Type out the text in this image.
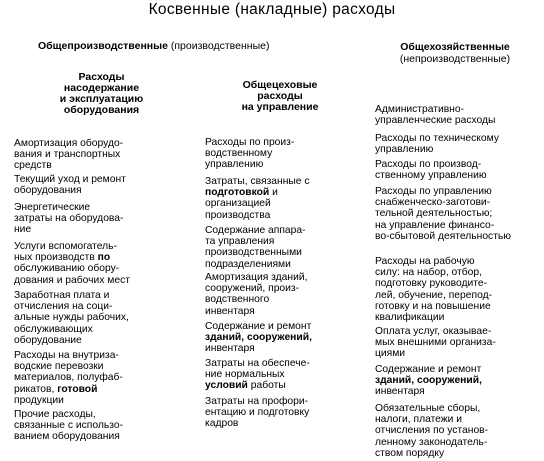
Косвенные (накладные) расходы
Общепроизводственные (производственные)	Общехозяйственные
(непроизводственные)
Расходы
насодержание
и эксплуатацию
оборудования
Общецеховые
расходы
на управление
Амортизация оборудо-
вания и транспортных
средств
Текущий уход и ремонт
оборудования
Энергетические
затраты на оборудова-
ние
Услуги вспомогатель-
ных производств по
обслуживанию обору-
дования и рабочих мест
Заработная плата и
отчисления на соци-
альные нужды рабочих,
обслуживающих
оборудование
Расходы на внутриза-
водские перевозки
материалов, полуфаб-
рикатов, готовой
продукции
Прочие расходы,
связанные с использо-
ванием оборудования
Расходы по произ-
водственному
управлению
Затраты, связанные с
подготовкой и
организацией
производства
Содержание аппара-
та управления
производственными
подразделениями
Амортизация зданий,
сооружений, произ-
водственного
инвентаря
Содержание и ремонт
зданий, сооружений,
инвентаря
Затраты на обеспече-
ние нормальных
условий работы
Затраты на профори-
ентацию и подготовку
кадров
Административно-
управленческие расходы
Расходы по техническому
управлению
Расходы по производ-
ственному управлению
Расходы по управлению
снабженческо-заготови-
тельной деятельностью;
на управление финансо-
во-сбытовой деятельностью
Расходы на рабочую
силу: на набор, отбор,
подготовку руководите-
лей, обучение, перепод-
готовку и на повышение
квалификации
Оплата услуг, оказывае-
мых внешними организа-
циями
Содержание и ремонт
зданий, сооружений,
инвентаря
Обязательные сборы,
налоги, платежи и
отчисления по установ-
ленному законодатель-
ством порядку
